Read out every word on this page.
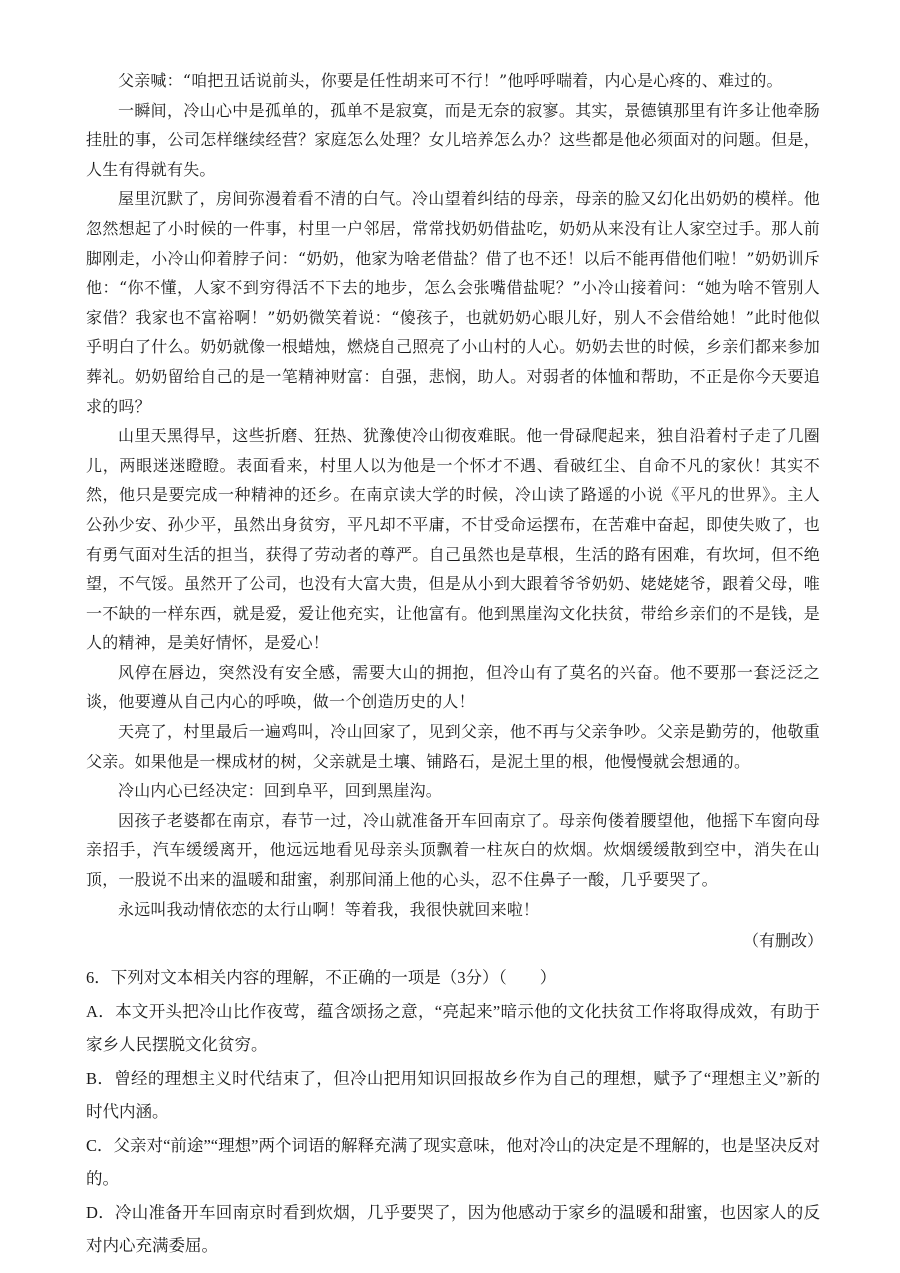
父亲喊：“咱把丑话说前头，你要是任性胡来可不行！”他呼呼喘着，内心是心疼的、难过的。

一瞬间，冷山心中是孤单的，孤单不是寂寞，而是无奈的寂寥。其实，景德镇那里有许多让他牵肠挂肚的事，公司怎样继续经营？家庭怎么处理？女儿培养怎么办？这些都是他必须面对的问题。但是，人生有得就有失。

屋里沉默了，房间弥漫着看不清的白气。冷山望着纠结的母亲，母亲的脸又幻化出奶奶的模样。他忽然想起了小时候的一件事，村里一户邻居，常常找奶奶借盐吃，奶奶从来没有让人家空过手。那人前脚刚走，小冷山仰着脖子问：“奶奶，他家为啥老借盐？借了也不还！以后不能再借他们啦！”奶奶训斥他：“你不懂，人家不到穷得活不下去的地步，怎么会张嘴借盐呢？”小冷山接着问：“她为啥不管别人家借？我家也不富裕啊！”奶奶微笑着说：“傻孩子，也就奶奶心眼儿好，别人不会借给她！”此时他似乎明白了什么。奶奶就像一根蜡烛，燃烧自己照亮了小山村的人心。奶奶去世的时候，乡亲们都来参加葬礼。奶奶留给自己的是一笔精神财富：自强，悲悯，助人。对弱者的体恤和帮助，不正是你今天要追求的吗？

山里天黑得早，这些折磨、狂热、犹豫使冷山彻夜难眠。他一骨碌爬起来，独自沿着村子走了几圈儿，两眼迷迷瞪瞪。表面看来，村里人以为他是一个怀才不遇、看破红尘、自命不凡的家伙！其实不然，他只是要完成一种精神的还乡。在南京读大学的时候，冷山读了路遥的小说《平凡的世界》。主人公孙少安、孙少平，虽然出身贫穷，平凡却不平庸，不甘受命运摆布，在苦难中奋起，即使失败了，也有勇气面对生活的担当，获得了劳动者的尊严。自己虽然也是草根，生活的路有困难，有坎坷，但不绝望，不气馁。虽然开了公司，也没有大富大贵，但是从小到大跟着爷爷奶奶、姥姥姥爷，跟着父母，唯一不缺的一样东西，就是爱，爱让他充实，让他富有。他到黑崖沟文化扶贫，带给乡亲们的不是钱，是人的精神，是美好情怀，是爱心！

风停在唇边，突然没有安全感，需要大山的拥抱，但冷山有了莫名的兴奋。他不要那一套泛泛之谈，他要遵从自己内心的呼唤，做一个创造历史的人！

天亮了，村里最后一遍鸡叫，冷山回家了，见到父亲，他不再与父亲争吵。父亲是勤劳的，他敬重父亲。如果他是一棵成材的树，父亲就是土壤、铺路石，是泥土里的根，他慢慢就会想通的。

冷山内心已经决定：回到阜平，回到黑崖沟。

因孩子老婆都在南京，春节一过，冷山就准备开车回南京了。母亲佝偻着腰望他，他摇下车窗向母亲招手，汽车缓缓离开，他远远地看见母亲头顶飘着一柱灰白的炊烟。炊烟缓缓散到空中，消失在山顶，一股说不出来的温暖和甜蜜，刹那间涌上他的心头，忍不住鼻子一酸，几乎要哭了。

永远叫我动情依恋的太行山啊！等着我，我很快就回来啦！

（有删改）

6．下列对文本相关内容的理解，不正确的一项是（3分）（　　）

A．本文开头把冷山比作夜莺，蕴含颂扬之意，“亮起来”暗示他的文化扶贫工作将取得成效，有助于家乡人民摆脱文化贫穷。

B．曾经的理想主义时代结束了，但冷山把用知识回报故乡作为自己的理想，赋予了“理想主义”新的时代内涵。

C．父亲对“前途”“理想”两个词语的解释充满了现实意味，他对冷山的决定是不理解的，也是坚决反对的。

D．冷山准备开车回南京时看到炊烟，几乎要哭了，因为他感动于家乡的温暖和甜蜜，也因家人的反对内心充满委屈。
